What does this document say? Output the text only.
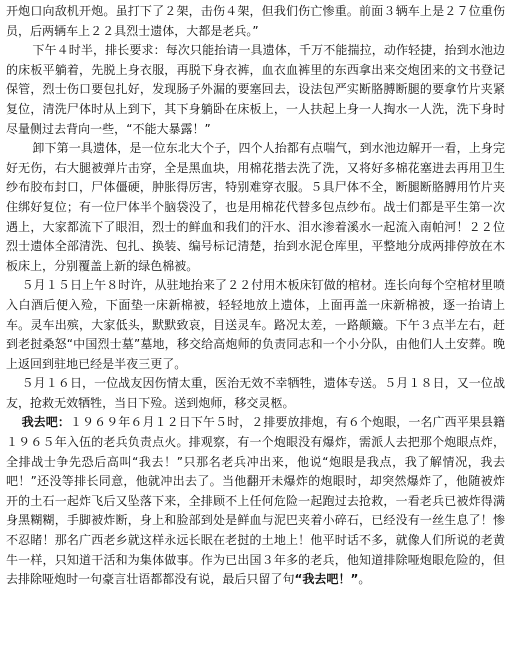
开炮口向敌机开炮。虽打下了２架，击伤４架，但我们伤亡惨重。前面３辆车上是２７位重伤员，后两辆车上２２具烈士遗体，大都是老兵。”

下午４时半，排长要求：每次只能抬请一具遗体，千万不能揣拉，动作轻捷，抬到水池边的床板平躺着，先脱上身衣服，再脱下身衣裤，血衣血裤里的东西拿出来交炮团来的文书登记保管，烈士伤口要包扎好，发现肠子外漏的要塞回去，设法包严实断胳膊断腿的要拿竹片夹紧复位，清洗尸体时从上到下，其下身躺卧在床板上，一人扶起上身一人掏水一人洗，洗下身时尽量侧过去背向一些，“不能大暴露！”

卸下第一具遗体，是一位东北大个子，四个人抬都有点喘气，到水池边解开一看，上身完好无伤，右大腿被弹片击穿，全是黑血块，用棉花揩去洗了洗，又将好多棉花塞进去再用卫生纱布胶布封口，尸体僵硬，肿胀得厉害，特别难穿衣服。５具尸体不全，断腿断胳膊用竹片夹住绑好复位；有一位尸体半个脑袋没了，也是用棉花代替多包点纱布。战士们都是平生第一次遇上，大家都流下了眼泪，烈士的鲜血和我们的汗水、泪水渗着溪水一起流入南帕河！２２位烈士遗体全部清洗、包扎、换装、编号标记清楚，抬到水泥仓库里，平整地分成两排停放在木板床上，分别覆盖上新的绿色棉被。

５月１５日上午８时许，从驻地抬来了２２付用木板床钉做的棺材。连长向每个空棺材里喷入白酒后便入殓，下面垫一床新棉被，轻轻地放上遗体，上面再盖一床新棉被，逐一抬请上车。灵车出殡，大家低头，默默致哀，目送灵车。路况太差，一路颠簸。下午３点半左右，赶到老挝桑怒“中国烈士墓”墓地，移交给高炮师的负责同志和一个小分队，由他们人土安葬。晚上返回到驻地已经是半夜三更了。

５月１６日，一位战友因伤情太重，医治无效不幸牺牲，遗体专送。５月１８日，又一位战友，抢救无效牺牲，当日下殓。送到炮师，移交灵柩。

我去吧：１９６９年６月１２日下午５时，２排要放排炮，有６个炮眼，一名广西平果县籍１９６５年入伍的老兵负责点火。排观察，有一个炮眼没有爆炸，需派人去把那个炮眼点炸，全排战士争先恐后高叫“我去！”只那名老兵冲出来，他说“炮眼是我点，我了解情况，我去吧！”还没等排长同意，他就冲出去了。当他翻开未爆炸的炮眼时，却突然爆炸了，他随被炸开的土石一起炸飞后又坠落下来，全排顾不上任何危险一起跑过去抢救，一看老兵已被炸得满身黑糊糊，手脚被炸断，身上和脸部到处是鲜血与泥巴夹着小碎石，已经没有一丝生息了！惨不忍睹！那名广西老乡就这样永远长眠在老挝的土地上！他平时话不多，就像人们所说的老黄牛一样，只知道干活和为集体做事。作为已出国３年多的老兵，他知道排除哑炮眼危险的，但去排除哑炮时一句豪言壮语都都没有说，最后只留了句“我去吧！”。
